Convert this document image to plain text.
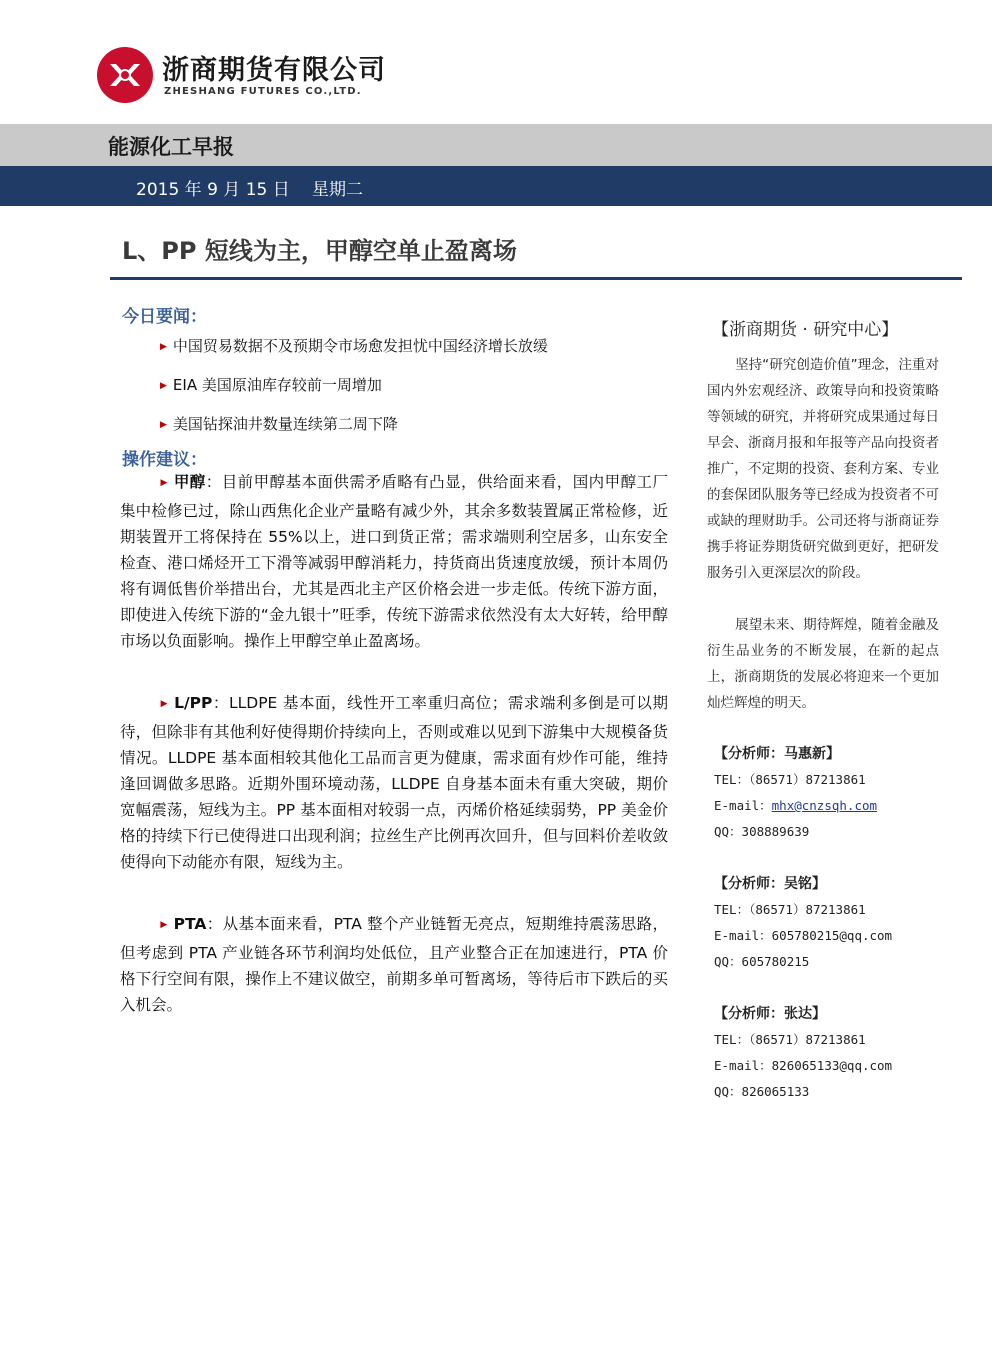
浙商期货有限公司
ZHESHANG FUTURES CO.,LTD.
能源化工早报
2015 年 9 月 15 日 星期二
L、PP 短线为主，甲醇空单止盈离场
今日要闻：
▶ 中国贸易数据不及预期令市场愈发担忧中国经济增长放缓
▶ EIA 美国原油库存较前一周增加
▶ 美国钻探油井数量连续第二周下降
操作建议：
▶ 甲醇：目前甲醇基本面供需矛盾略有凸显，供给面来看，国内甲醇工厂集中检修已过，除山西焦化企业产量略有减少外，其余多数装置属正常检修，近期装置开工将保持在 55%以上，进口到货正常；需求端则利空居多，山东安全检查、港口烯烃开工下滑等减弱甲醇消耗力，持货商出货速度放缓，预计本周仍将有调低售价举措出台，尤其是西北主产区价格会进一步走低。传统下游方面，即使进入传统下游的“金九银十”旺季，传统下游需求依然没有太大好转，给甲醇市场以负面影响。操作上甲醇空单止盈离场。
▶ L/PP：LLDPE 基本面，线性开工率重归高位；需求端利多倒是可以期待，但除非有其他利好使得期价持续向上，否则或难以见到下游集中大规模备货情况。LLDPE 基本面相较其他化工品而言更为健康，需求面有炒作可能，维持逢回调做多思路。近期外围环境动荡，LLDPE 自身基本面未有重大突破，期价宽幅震荡，短线为主。PP 基本面相对较弱一点，丙烯价格延续弱势，PP 美金价格的持续下行已使得进口出现利润；拉丝生产比例再次回升，但与回料价差收敛使得向下动能亦有限，短线为主。
▶ PTA：从基本面来看，PTA 整个产业链暂无亮点，短期维持震荡思路，但考虑到 PTA 产业链各环节利润均处低位，且产业整合正在加速进行，PTA 价格下行空间有限，操作上不建议做空，前期多单可暂离场，等待后市下跌后的买入机会。
【浙商期货 · 研究中心】
坚持“研究创造价值”理念，注重对国内外宏观经济、政策导向和投资策略等领域的研究，并将研究成果通过每日早会、浙商月报和年报等产品向投资者推广，不定期的投资、套利方案、专业的套保团队服务等已经成为投资者不可或缺的理财助手。公司还将与浙商证券携手将证券期货研究做到更好，把研发服务引入更深层次的阶段。
展望未来、期待辉煌，随着金融及衍生品业务的不断发展，在新的起点上，浙商期货的发展必将迎来一个更加灿烂辉煌的明天。
【分析师：马惠新】
TEL：（86571）87213861
E-mail：mhx@cnzsqh.com
QQ：308889639
【分析师：吴铭】
TEL：（86571）87213861
E-mail：605780215@qq.com
QQ：605780215
【分析师：张达】
TEL：（86571）87213861
E-mail：826065133@qq.com
QQ：826065133
